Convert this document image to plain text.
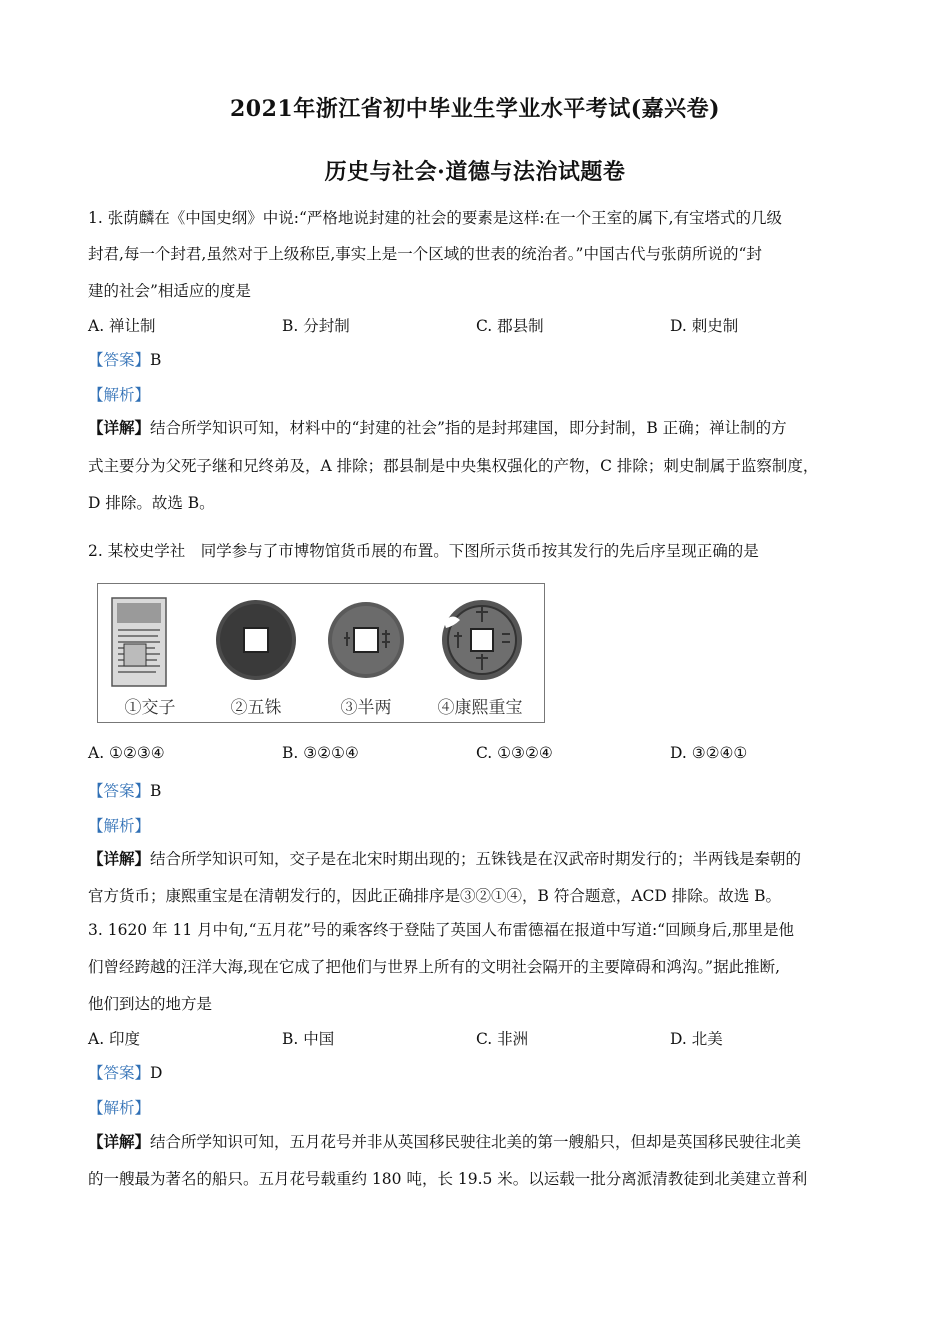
2021年浙江省初中毕业生学业水平考试(嘉兴卷)
历史与社会·道德与法治试题卷
1. 张荫麟在《中国史纲》中说:“严格地说封建的社会的要素是这样:在一个王室的属下,有宝塔式的几级
封君,每一个封君,虽然对于上级称臣,事实上是一个区域的世表的统治者。”中国古代与张荫所说的“封
建的社会”相适应的度是
A. 禅让制	B. 分封制	C. 郡县制	D. 刺史制
【答案】B
【解析】
【详解】结合所学知识可知，材料中的“封建的社会”指的是封邦建国，即分封制，B 正确；禅让制的方
式主要分为父死子继和兄终弟及，A 排除；郡县制是中央集权强化的产物，C 排除；刺史制属于监察制度，
D 排除。故选 B。
2. 某校史学社　同学参与了市博物馆货币展的布置。下图所示货币按其发行的先后序呈现正确的是
①交子	②五铢	③半两	④康熙重宝
A. ①②③④	B. ③②①④	C. ①③②④	D. ③②④①
【答案】B
【解析】
【详解】结合所学知识可知，交子是在北宋时期出现的；五铢钱是在汉武帝时期发行的；半两钱是秦朝的
官方货币；康熙重宝是在清朝发行的，因此正确排序是③②①④，B 符合题意，ACD 排除。故选 B。
3. 1620 年 11 月中旬,“五月花”号的乘客终于登陆了英国人布雷德福在报道中写道:“回顾身后,那里是他
们曾经跨越的汪洋大海,现在它成了把他们与世界上所有的文明社会隔开的主要障碍和鸿沟。”据此推断,
他们到达的地方是
A. 印度	B. 中国	C. 非洲	D. 北美
【答案】D
【解析】
【详解】结合所学知识可知，五月花号并非从英国移民驶往北美的第一艘船只，但却是英国移民驶往北美
的一艘最为著名的船只。五月花号载重约 180 吨，长 19.5 米。以运载一批分离派清教徒到北美建立普利
